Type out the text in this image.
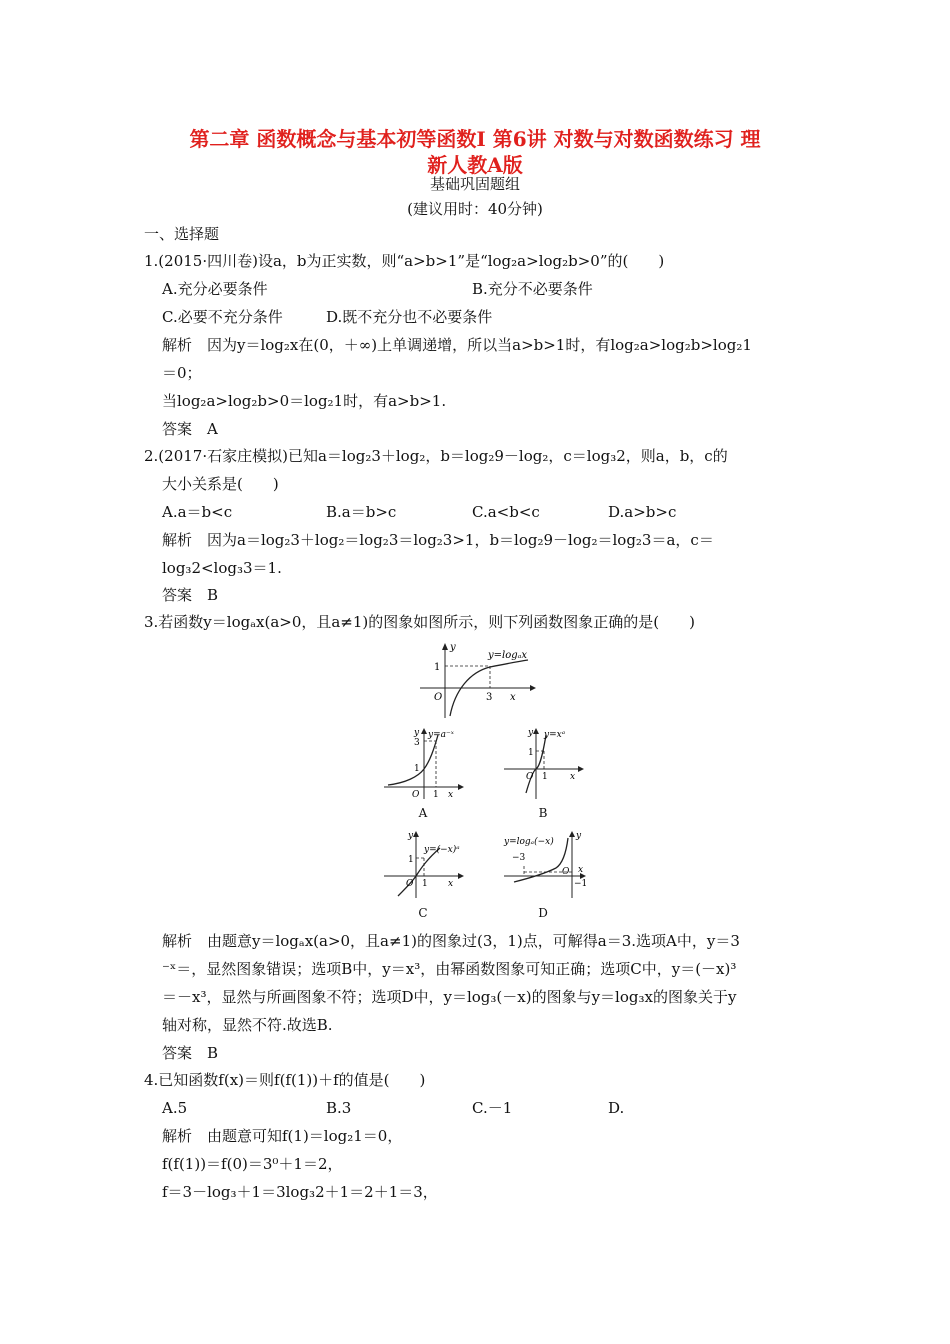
第二章 函数概念与基本初等函数Ⅰ 第6讲 对数与对数函数练习 理
新人教A版
基础巩固题组
(建议用时：40分钟)
一、选择题
1.(2015·四川卷)设a，b为正实数，则“a>b>1”是“log₂a>log₂b>0”的(　　)
A.充分必要条件	B.充分不必要条件
C.必要不充分条件	D.既不充分也不必要条件
解析　因为y＝log₂x在(0，＋∞)上单调递增，所以当a>b>1时，有log₂a>log₂b>log₂1
＝0；
当log₂a>log₂b>0＝log₂1时，有a>b>1.
答案　A
2.(2017·石家庄模拟)已知a＝log₂3＋log₂，b＝log₂9－log₂，c＝log₃2，则a，b，c的
大小关系是(　　)
A.a＝b<c	B.a＝b>c	C.a<b<c	D.a>b>c
解析　因为a＝log₂3＋log₂＝log₂3＝log₂3>1，b＝log₂9－log₂＝log₂3＝a，c＝
log₃2<log₃3＝1.
答案　B
3.若函数y＝logₐx(a>0，且a≠1)的图象如图所示，则下列函数图象正确的是(　　)
y
1
3
O	x
y=logₐx
y
3
1
1
O	x
y=a⁻ˣ
A
y
1
1
O	x
y=xᵃ
B
y
1
1
O	x
y=(−x)ᵃ
C
y
y=logₐ(−x)
−3
−1
O x
D
解析　由题意y＝logₐx(a>0，且a≠1)的图象过(3，1)点，可解得a＝3.选项A中，y＝3
⁻ˣ＝，显然图象错误；选项B中，y＝x³，由幂函数图象可知正确；选项C中，y＝(－x)³
＝－x³，显然与所画图象不符；选项D中，y＝log₃(－x)的图象与y＝log₃x的图象关于y
轴对称，显然不符.故选B.
答案　B
4.已知函数f(x)＝则f(f(1))＋f的值是(　　)
A.5	B.3	C.－1	D.
解析　由题意可知f(1)＝log₂1＝0，
f(f(1))＝f(0)＝3⁰＋1＝2，
f＝3－log₃＋1＝3log₃2＋1＝2＋1＝3，
